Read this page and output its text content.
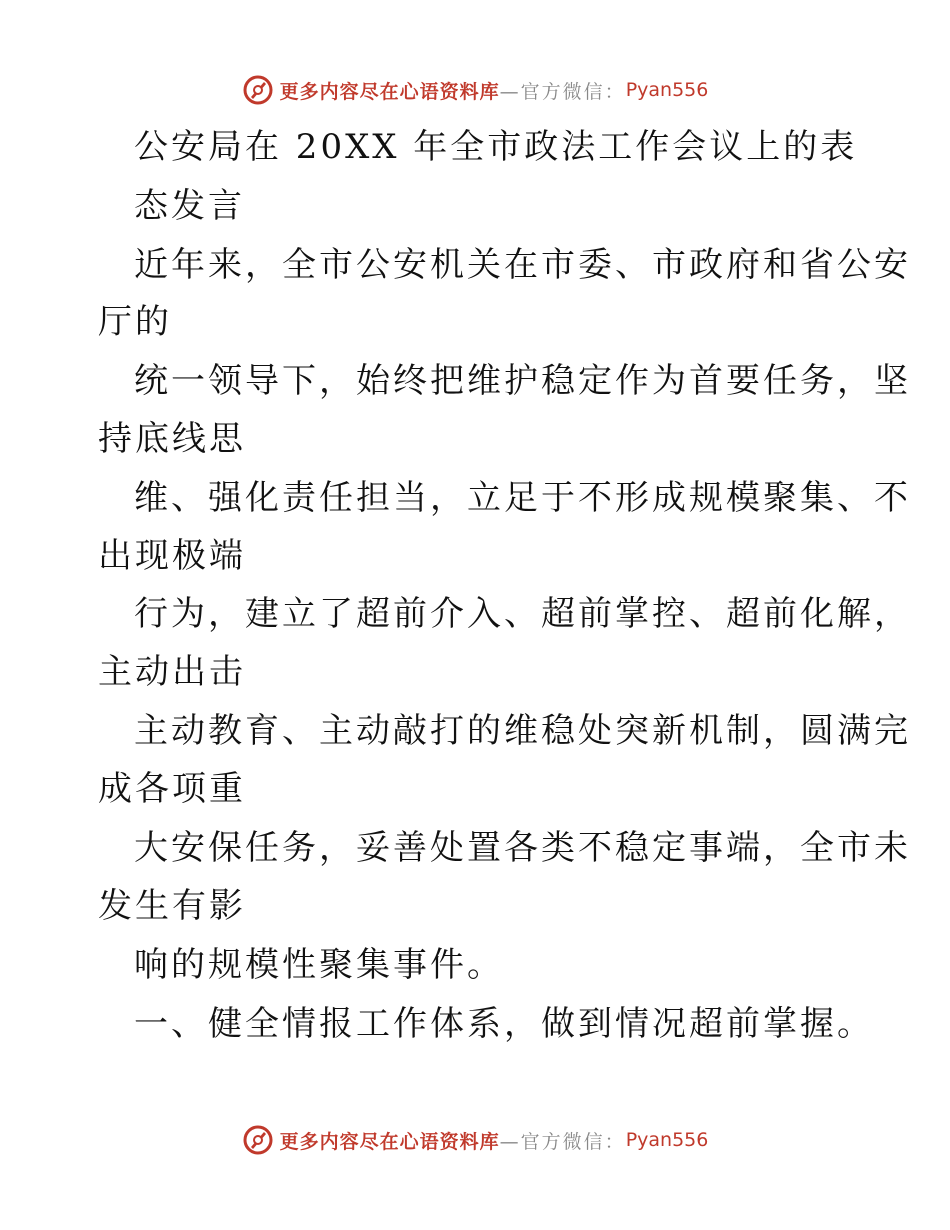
更多内容尽在心语资料库 —官方微信： Pyan556
公安局在 20XX 年全市政法工作会议上的表
态发言
近年来，全市公安机关在市委、市政府和省公安
厅的
统一领导下，始终把维护稳定作为首要任务，坚
持底线思
维、强化责任担当，立足于不形成规模聚集、不
出现极端
行为，建立了超前介入、超前掌控、超前化解，
主动出击
主动教育、主动敲打的维稳处突新机制，圆满完
成各项重
大安保任务，妥善处置各类不稳定事端，全市未
发生有影
响的规模性聚集事件。
一、健全情报工作体系，做到情况超前掌握。
更多内容尽在心语资料库 —官方微信： Pyan556
